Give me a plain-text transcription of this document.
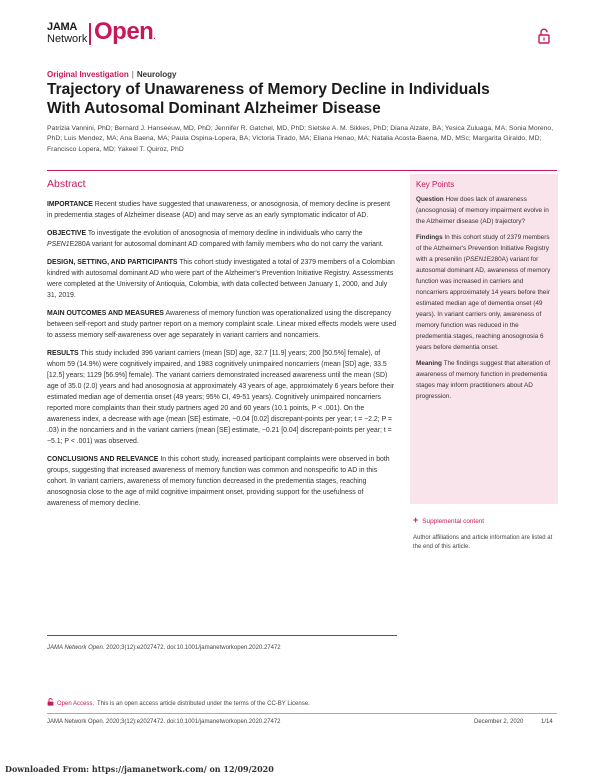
JAMA
Network Open.
Original Investigation | Neurology
Trajectory of Unawareness of Memory Decline in Individuals With Autosomal Dominant Alzheimer Disease
Patrizia Vannini, PhD; Bernard J. Hanseeuw, MD, PhD; Jennifer R. Gatchel, MD, PhD; Sietske A. M. Sikkes, PhD; Diana Alzate, BA; Yesica Zuluaga, MA; Sonia Moreno, PhD; Luis Mendez, MA; Ana Baena, MA; Paula Ospina-Lopera, BA; Victoria Tirado, MA; Eliana Henao, MA; Natalia Acosta-Baena, MD, MSc; Margarita Giraldo, MD; Francisco Lopera, MD; Yakeel T. Quiroz, PhD
Abstract

IMPORTANCE Recent studies have suggested that unawareness, or anosognosia, of memory decline is present in predementia stages of Alzheimer disease (AD) and may serve as an early symptomatic indicator of AD.

OBJECTIVE To investigate the evolution of anosognosia of memory decline in individuals who carry the PSEN1E280A variant for autosomal dominant AD compared with family members who do not carry the variant.

DESIGN, SETTING, AND PARTICIPANTS This cohort study investigated a total of 2379 members of a Colombian kindred with autosomal dominant AD who were part of the Alzheimer's Prevention Initiative Registry. Assessments were completed at the University of Antioquia, Colombia, with data collected between January 1, 2000, and July 31, 2019.

MAIN OUTCOMES AND MEASURES Awareness of memory function was operationalized using the discrepancy between self-report and study partner report on a memory complaint scale. Linear mixed effects models were used to assess memory self-awareness over age separately in variant carriers and noncarriers.

RESULTS This study included 396 variant carriers (mean [SD] age, 32.7 [11.9] years; 200 [50.5%] female), of whom 59 (14.9%) were cognitively impaired, and 1983 cognitively unimpaired noncarriers (mean [SD] age, 33.5 [12.5] years; 1129 [56.9%] female). The variant carriers demonstrated increased awareness until the mean (SD) age of 35.0 (2.0) years and had anosognosia at approximately 43 years of age, approximately 6 years before their estimated median age of dementia onset (49 years; 95% CI, 49-51 years). Cognitively unimpaired noncarriers reported more complaints than their study partners aged 20 and 60 years (10.1 points, P < .001). On the awareness index, a decrease with age (mean [SE] estimate, −0.04 [0.02] discrepant-points per year; t = −2.2; P = .03) in the noncarriers and in the variant carriers (mean [SE] estimate, −0.21 [0.04] discrepant-points per year; t = −5.1; P < .001) was observed.

CONCLUSIONS AND RELEVANCE In this cohort study, increased participant complaints were observed in both groups, suggesting that increased awareness of memory function was common and nonspecific to AD in this cohort. In variant carriers, awareness of memory function decreased in the predementia stages, reaching anosognosia close to the age of mild cognitive impairment onset, providing support for the usefulness of awareness of memory decline.

JAMA Network Open. 2020;3(12):e2027472. doi:10.1001/jamanetworkopen.2020.27472
Key Points

Question How does lack of awareness (anosognosia) of memory impairment evolve in the Alzheimer disease (AD) trajectory?

Findings In this cohort study of 2379 members of the Alzheimer's Prevention Initiative Registry with a presenilin (PSEN1E280A) variant for autosomal dominant AD, awareness of memory function was increased in carriers and noncarriers approximately 14 years before their estimated median age of dementia onset (49 years). In variant carriers only, awareness of memory function was reduced in the predementia stages, reaching anosognosia 6 years before dementia onset.

Meaning The findings suggest that alteration of awareness of memory function in predementia stages may inform practitioners about AD progression.

+ Supplemental content
Author affiliations and article information are listed at the end of this article.
Open Access. This is an open access article distributed under the terms of the CC-BY License.
JAMA Network Open. 2020;3(12):e2027472. doi:10.1001/jamanetworkopen.2020.27472	December 2, 2020	1/14
Downloaded From: https://jamanetwork.com/ on 12/09/2020
